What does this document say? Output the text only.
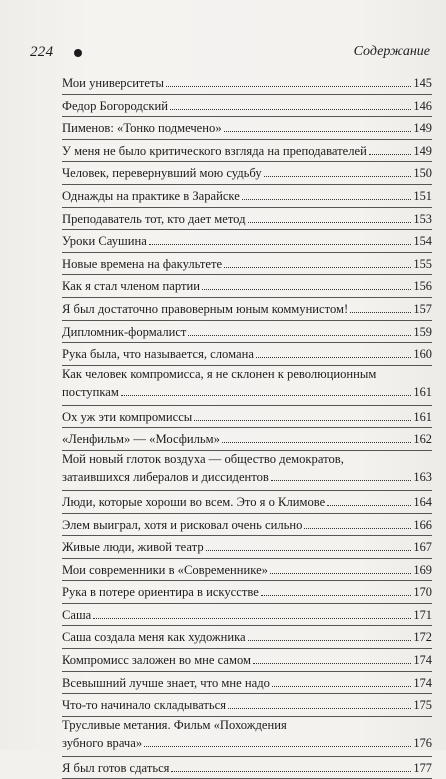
224	Содержание
Мои университеты	145
Федор Богородский	146
Пименов: «Тонко подмечено»	149
У меня не было критического взгляда на преподавателей	149
Человек, перевернувший мою судьбу	150
Однажды на практике в Зарайске	151
Преподаватель тот, кто дает метод	153
Уроки Саушина	154
Новые времена на факультете	155
Как я стал членом партии	156
Я был достаточно правоверным юным коммунистом!	157
Дипломник-формалист	159
Рука была, что называется, сломана	160
Как человек компромисса, я не склонен к революционным
поступкам	161
Ох уж эти компромиссы	161
«Ленфильм» — «Мосфильм»	162
Мой новый глоток воздуха — общество демократов,
затаившихся либералов и диссидентов	163
Люди, которые хороши во всем. Это я о Климове	164
Элем выиграл, хотя и рисковал очень сильно	166
Живые люди, живой театр	167
Мои современники в «Современнике»	169
Рука в потере ориентира в искусстве	170
Саша	171
Саша создала меня как художника	172
Компромисс заложен во мне самом	174
Всевышний лучше знает, что мне надо	174
Что-то начинало складываться	175
Трусливые метания. Фильм «Похождения
зубного врача»	176
Я был готов сдаться	177
